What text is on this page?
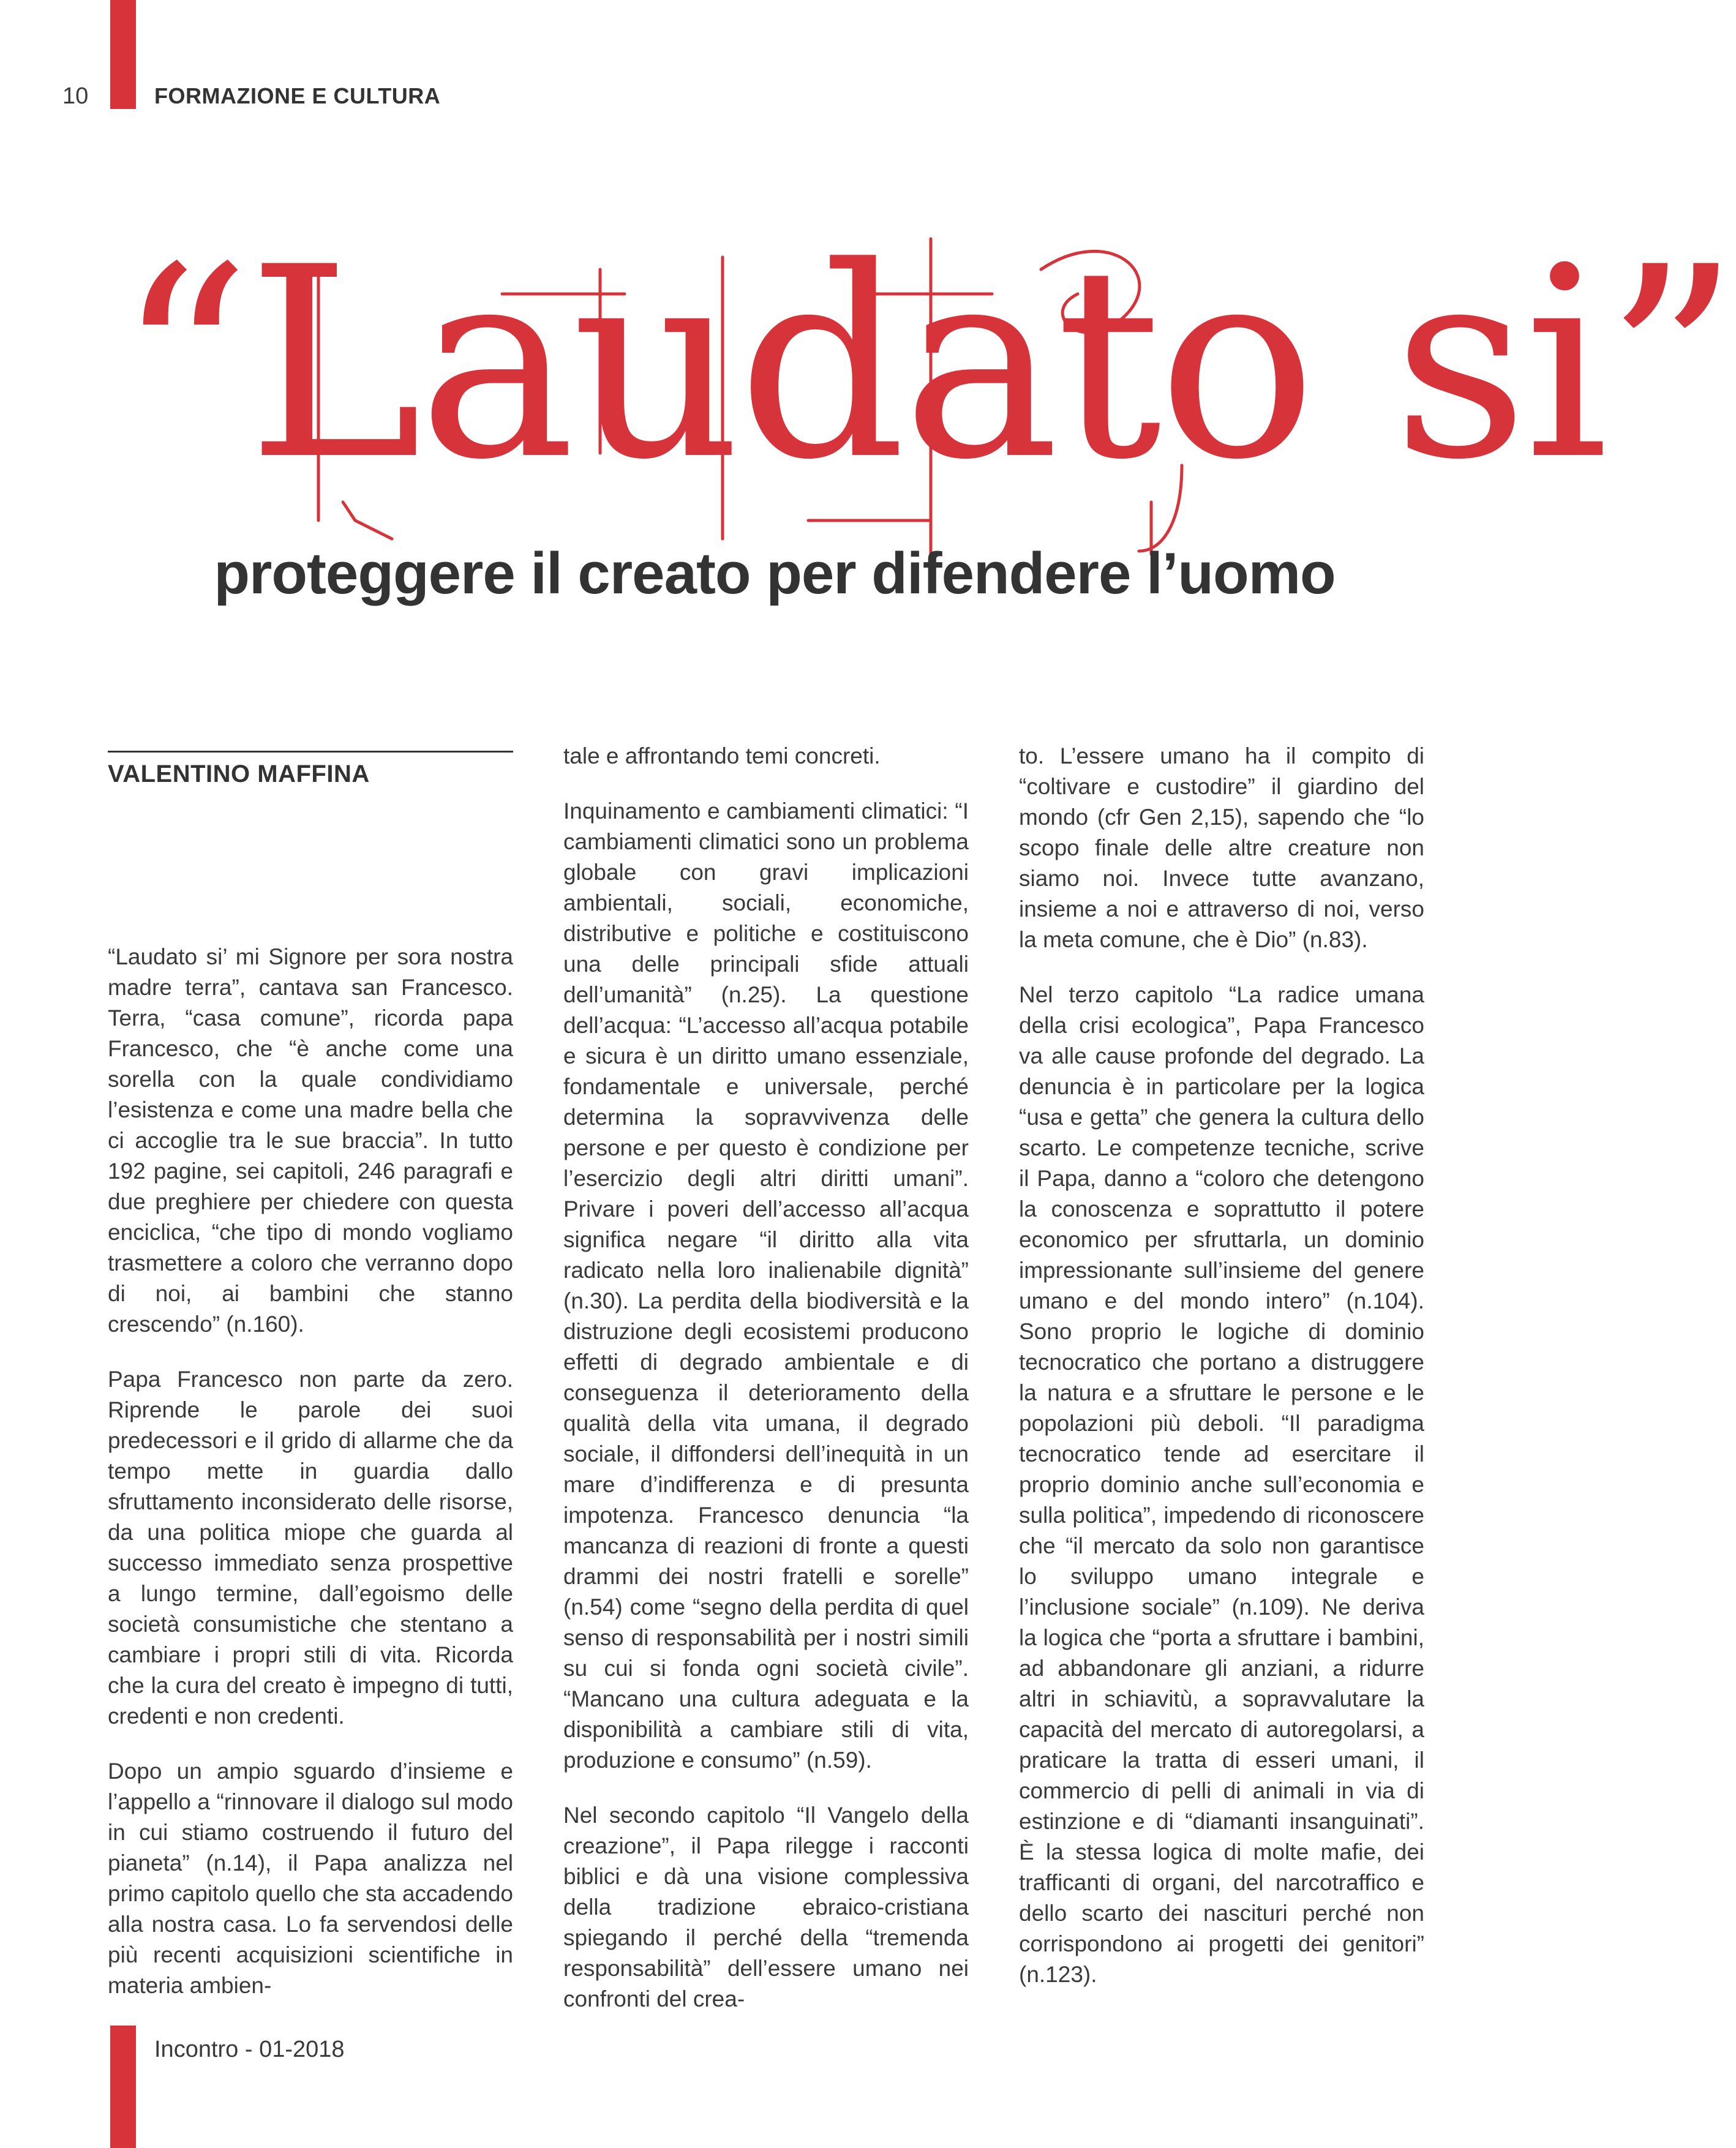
10	FORMAZIONE E CULTURA
“Laudato si”
proteggere il creato per difendere l’uomo
VALENTINO MAFFINA

“Laudato si’ mi Signore per sora nostra madre terra”, cantava san Francesco. Terra, “casa comune”, ricorda papa Francesco, che “è anche come una sorella con la quale condividiamo l’esistenza e come una madre bella che ci accoglie tra le sue braccia”. In tutto 192 pagine, sei capitoli, 246 paragrafi e due preghiere per chiedere con questa enciclica, “che tipo di mondo vogliamo trasmettere a coloro che verranno dopo di noi, ai bambini che stanno crescendo” (n.160).

Papa Francesco non parte da zero. Riprende le parole dei suoi predecessori e il grido di allarme che da tempo mette in guardia dallo sfruttamento inconsiderato delle risorse, da una politica miope che guarda al successo immediato senza prospettive a lungo termine, dall’egoismo delle società consumistiche che stentano a cambiare i propri stili di vita. Ricorda che la cura del creato è impegno di tutti, credenti e non credenti.

Dopo un ampio sguardo d’insieme e l’appello a “rinnovare il dialogo sul modo in cui stiamo costruendo il futuro del pianeta” (n.14), il Papa analizza nel primo capitolo quello che sta accadendo alla nostra casa. Lo fa servendosi delle più recenti acquisizioni scientifiche in materia ambien-

tale e affrontando temi concreti.

Inquinamento e cambiamenti climatici: “I cambiamenti climatici sono un problema globale con gravi implicazioni ambientali, sociali, economiche, distributive e politiche e costituiscono una delle principali sfide attuali dell’umanità” (n.25). La questione dell’acqua: “L’accesso all’acqua potabile e sicura è un diritto umano essenziale, fondamentale e universale, perché determina la sopravvivenza delle persone e per questo è condizione per l’esercizio degli altri diritti umani”. Privare i poveri dell’accesso all’acqua significa negare “il diritto alla vita radicato nella loro inalienabile dignità” (n.30). La perdita della biodiversità e la distruzione degli ecosistemi producono effetti di degrado ambientale e di conseguenza il deterioramento della qualità della vita umana, il degrado sociale, il diffondersi dell’inequità in un mare d’indifferenza e di presunta impotenza. Francesco denuncia “la mancanza di reazioni di fronte a questi drammi dei nostri fratelli e sorelle” (n.54) come “segno della perdita di quel senso di responsabilità per i nostri simili su cui si fonda ogni società civile”. “Mancano una cultura adeguata e la disponibilità a cambiare stili di vita, produzione e consumo” (n.59).

Nel secondo capitolo “Il Vangelo della creazione”, il Papa rilegge i racconti biblici e dà una visione complessiva della tradizione ebraico-cristiana spiegando il perché della “tremenda responsabilità” dell’essere umano nei confronti del crea-

to. L’essere umano ha il compito di “coltivare e custodire” il giardino del mondo (cfr Gen 2,15), sapendo che “lo scopo finale delle altre creature non siamo noi. Invece tutte avanzano, insieme a noi e attraverso di noi, verso la meta comune, che è Dio” (n.83).

Nel terzo capitolo “La radice umana della crisi ecologica”, Papa Francesco va alle cause profonde del degrado. La denuncia è in particolare per la logica “usa e getta” che genera la cultura dello scarto. Le competenze tecniche, scrive il Papa, danno a “coloro che detengono la conoscenza e soprattutto il potere economico per sfruttarla, un dominio impressionante sull’insieme del genere umano e del mondo intero” (n.104). Sono proprio le logiche di dominio tecnocratico che portano a distruggere la natura e a sfruttare le persone e le popolazioni più deboli. “Il paradigma tecnocratico tende ad esercitare il proprio dominio anche sull’economia e sulla politica”, impedendo di riconoscere che “il mercato da solo non garantisce lo sviluppo umano integrale e l’inclusione sociale” (n.109). Ne deriva la logica che “porta a sfruttare i bambini, ad abbandonare gli anziani, a ridurre altri in schiavitù, a sopravvalutare la capacità del mercato di autoregolarsi, a praticare la tratta di esseri umani, il commercio di pelli di animali in via di estinzione e di “diamanti insanguinati”. È la stessa logica di molte mafie, dei trafficanti di organi, del narcotraffico e dello scarto dei nascituri perché non corrispondono ai progetti dei genitori” (n.123).

Incontro - 01-2018
